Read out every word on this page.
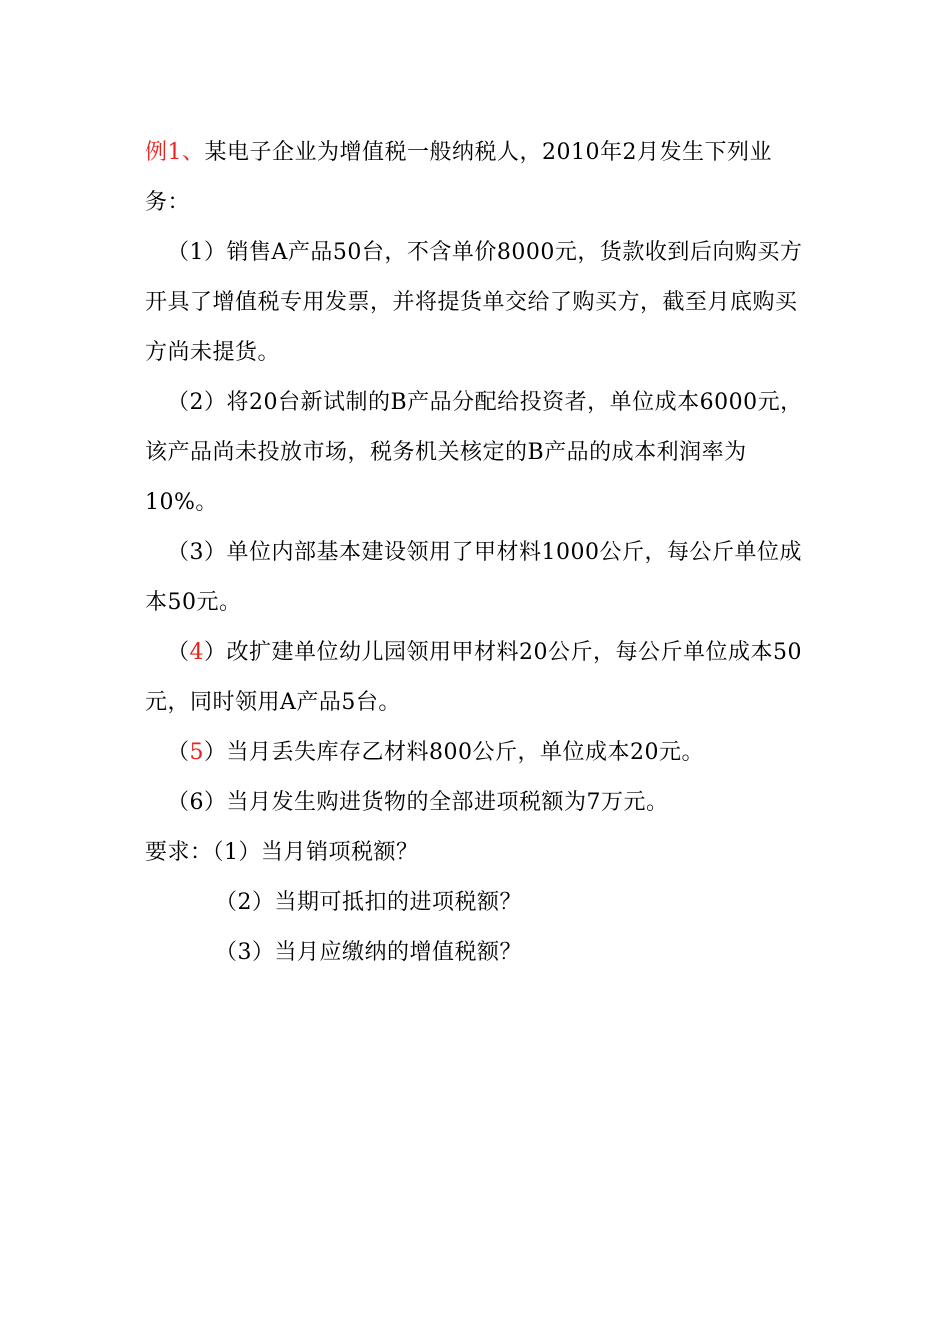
例1、某电子企业为增值税一般纳税人，2010年2月发生下列业务：

（1）销售A产品50台，不含单价8000元，货款收到后向购买方开具了增值税专用发票，并将提货单交给了购买方，截至月底购买方尚未提货。

（2）将20台新试制的B产品分配给投资者，单位成本6000元，该产品尚未投放市场，税务机关核定的B产品的成本利润率为10%。

（3）单位内部基本建设领用了甲材料1000公斤，每公斤单位成本50元。

（4）改扩建单位幼儿园领用甲材料20公斤，每公斤单位成本50元，同时领用A产品5台。

（5）当月丢失库存乙材料800公斤，单位成本20元。

（6）当月发生购进货物的全部进项税额为7万元。

要求：（1）当月销项税额？

（2）当期可抵扣的进项税额？

（3）当月应缴纳的增值税额？
